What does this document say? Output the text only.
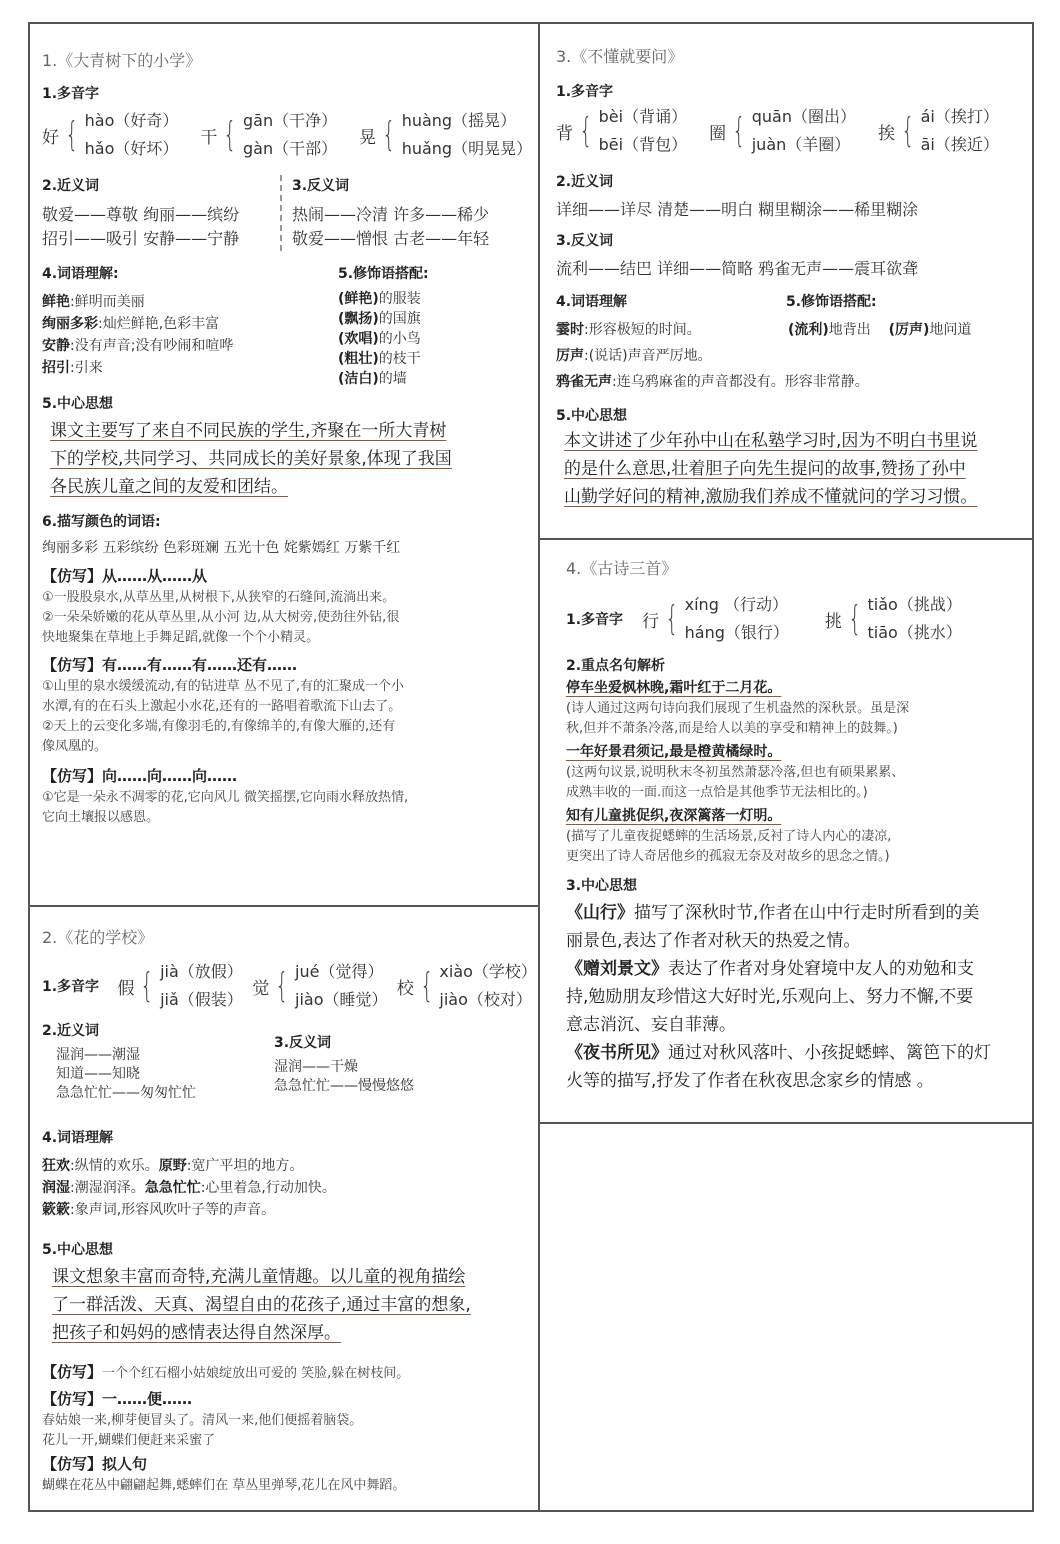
1.《大青树下的小学》
1.多音字
好 { hào（好奇）
hǎo（好坏）
干 { gān（干净）
gàn（干部）
晃 { huàng（摇晃）
huǎng（明晃晃）
2.近义词
敬爱——尊敬 绚丽——缤纷
招引——吸引 安静——宁静
3.反义词
热闹——冷清 许多——稀少
敬爱——憎恨 古老——年轻
4.词语理解:
鲜艳:鲜明而美丽
绚丽多彩:灿烂鲜艳,色彩丰富
安静:没有声音;没有吵闹和喧哗
招引:引来
5.修饰语搭配:
(鲜艳)的服装
(飘扬)的国旗
(欢唱)的小鸟
(粗壮)的枝干
(洁白)的墙
5.中心思想
课文主要写了来自不同民族的学生,齐聚在一所大青树
下的学校,共同学习、共同成长的美好景象,体现了我国
各民族儿童之间的友爱和团结。
6.描写颜色的词语:
绚丽多彩 五彩缤纷 色彩斑斓 五光十色 姹紫嫣红 万紫千红
【仿写】从……从……从
①一股股泉水,从草丛里,从树根下,从狭窄的石缝间,流淌出来。
②一朵朵娇嫩的花从草丛里,从小河 边,从大树旁,使劲往外钻,很
快地聚集在草地上手舞足蹈,就像一个个小精灵。
【仿写】有……有……有……还有……
①山里的泉水缓缓流动,有的钻进草 丛不见了,有的汇聚成一个小
水潭,有的在石头上激起小水花,还有的一路唱着歌流下山去了。
②天上的云变化多端,有像羽毛的,有像绵羊的,有像大雁的,还有
像凤凰的。
【仿写】向……向……向……
①它是一朵永不凋零的花,它向风儿 微笑摇摆,它向雨水释放热情,
它向土壤报以感恩。
2.《花的学校》
1.多音字	假 { jià（放假）
jiǎ（假装）
觉 { jué（觉得）
jiào（睡觉）
校 { xiào（学校）
jiào（校对）
2.近义词
湿润——潮湿
知道——知晓
急急忙忙——匆匆忙忙
3.反义词
湿润——干燥
急急忙忙——慢慢悠悠
4.词语理解
狂欢:纵情的欢乐。原野:宽广平坦的地方。
润湿:潮湿润泽。急急忙忙:心里着急,行动加快。
簌簌:象声词,形容风吹叶子等的声音。
5.中心思想
课文想象丰富而奇特,充满儿童情趣。以儿童的视角描绘
了一群活泼、天真、渴望自由的花孩子,通过丰富的想象,
把孩子和妈妈的感情表达得自然深厚。
【仿写】一个个红石榴小姑娘绽放出可爱的 笑脸,躲在树枝间。
【仿写】一……便……
春姑娘一来,柳芽便冒头了。清风一来,他们便摇着脑袋。
花儿一开,蝴蝶们便赶来采蜜了
【仿写】拟人句
蝴蝶在花丛中翩翩起舞,蟋蟀们在 草丛里弹琴,花儿在风中舞蹈。
3.《不懂就要问》
1.多音字
背 { bèi（背诵）
bēi（背包）
圈 { quān（圈出）
juàn（羊圈）
挨 { ái（挨打）
āi（挨近）
2.近义词
详细——详尽 清楚——明白 糊里糊涂——稀里糊涂
3.反义词
流利——结巴 详细——简略 鸦雀无声——震耳欲聋
4.词语理解	5.修饰语搭配:
霎时:形容极短的时间。	(流利)地背出 (厉声)地问道
厉声:(说话)声音严厉地。
鸦雀无声:连乌鸦麻雀的声音都没有。形容非常静。
5.中心思想
本文讲述了少年孙中山在私塾学习时,因为不明白书里说
的是什么意思,壮着胆子向先生提问的故事,赞扬了孙中
山勤学好问的精神,激励我们养成不懂就问的学习习惯。
4.《古诗三首》
1.多音字	行 { xíng （行动）
háng（银行）
挑 { tiǎo（挑战）
tiāo（挑水）
2.重点名句解析
停车坐爱枫林晚,霜叶红于二月花。
(诗人通过这两句诗向我们展现了生机盎然的深秋景。虽是深
秋,但并不萧条冷落,而是给人以美的享受和精神上的鼓舞。)
一年好景君须记,最是橙黄橘绿时。
(这两句议景,说明秋末冬初虽然萧瑟冷落,但也有硕果累累、
成熟丰收的一面.而这一点恰是其他季节无法相比的。)
知有儿童挑促织,夜深篱落一灯明。
(描写了儿童夜捉蟋蟀的生活场景,反衬了诗人内心的凄凉,
更突出了诗人奇居他乡的孤寂无奈及对故乡的思念之情。)
3.中心思想
《山行》描写了深秋时节,作者在山中行走时所看到的美
丽景色,表达了作者对秋天的热爱之情。
《赠刘景文》表达了作者对身处窘境中友人的劝勉和支
持,勉励朋友珍惜这大好时光,乐观向上、努力不懈,不要
意志消沉、妄自菲薄。
《夜书所见》通过对秋风落叶、小孩捉蟋蟀、篱笆下的灯
火等的描写,抒发了作者在秋夜思念家乡的情感 。
